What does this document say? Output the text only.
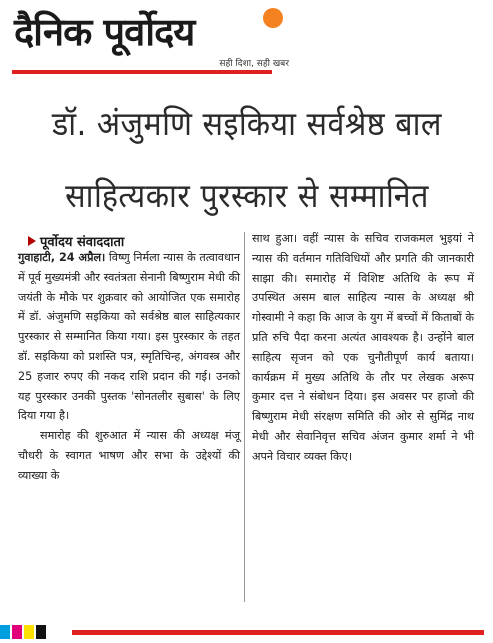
दैनिक पूर्वोदय
सही दिशा, सही खबर
डॉ. अंजुमणि सइकिया सर्वश्रेष्ठ बाल
साहित्यकार पुरस्कार से सम्मानित
पूर्वोदय संवाददाता

गुवाहाटी, 24 अप्रैल। विष्णु निर्मला न्यास के तत्वावधान में पूर्व मुख्यमंत्री और स्वतंत्रता सेनानी बिष्णुराम मेधी की जयंती के मौके पर शुक्रवार को आयोजित एक समारोह में डॉ. अंजुमणि सइकिया को सर्वश्रेष्ठ बाल साहित्यकार पुरस्कार से सम्मानित किया गया। इस पुरस्कार के तहत डॉ. सइकिया को प्रशस्ति पत्र, स्मृतिचिन्ह, अंगवस्त्र और 25 हजार रुपए की नकद राशि प्रदान की गई। उनको यह पुरस्कार उनकी पुस्तक 'सोनतलीर सुबास' के लिए दिया गया है।

समारोह की शुरुआत में न्यास की अध्यक्ष मंजू चौधरी के स्वागत भाषण और सभा के उद्देश्यों की व्याख्या के

साथ हुआ। वहीं न्यास के सचिव राजकमल भुइयां ने न्यास की वर्तमान गतिविधियों और प्रगति की जानकारी साझा की। समारोह में विशिष्ट अतिथि के रूप में उपस्थित असम बाल साहित्य न्यास के अध्यक्ष श्री गोस्वामी ने कहा कि आज के युग में बच्चों में किताबों के प्रति रुचि पैदा करना अत्यंत आवश्यक है। उन्होंने बाल साहित्य सृजन को एक चुनौतीपूर्ण कार्य बताया। कार्यक्रम में मुख्य अतिथि के तौर पर लेखक अरूप कुमार दत्त ने संबोधन दिया। इस अवसर पर हाजो की बिष्णुराम मेधी संरक्षण समिति की ओर से सुमिंद्र नाथ मेधी और सेवानिवृत्त सचिव अंजन कुमार शर्मा ने भी अपने विचार व्यक्त किए।
